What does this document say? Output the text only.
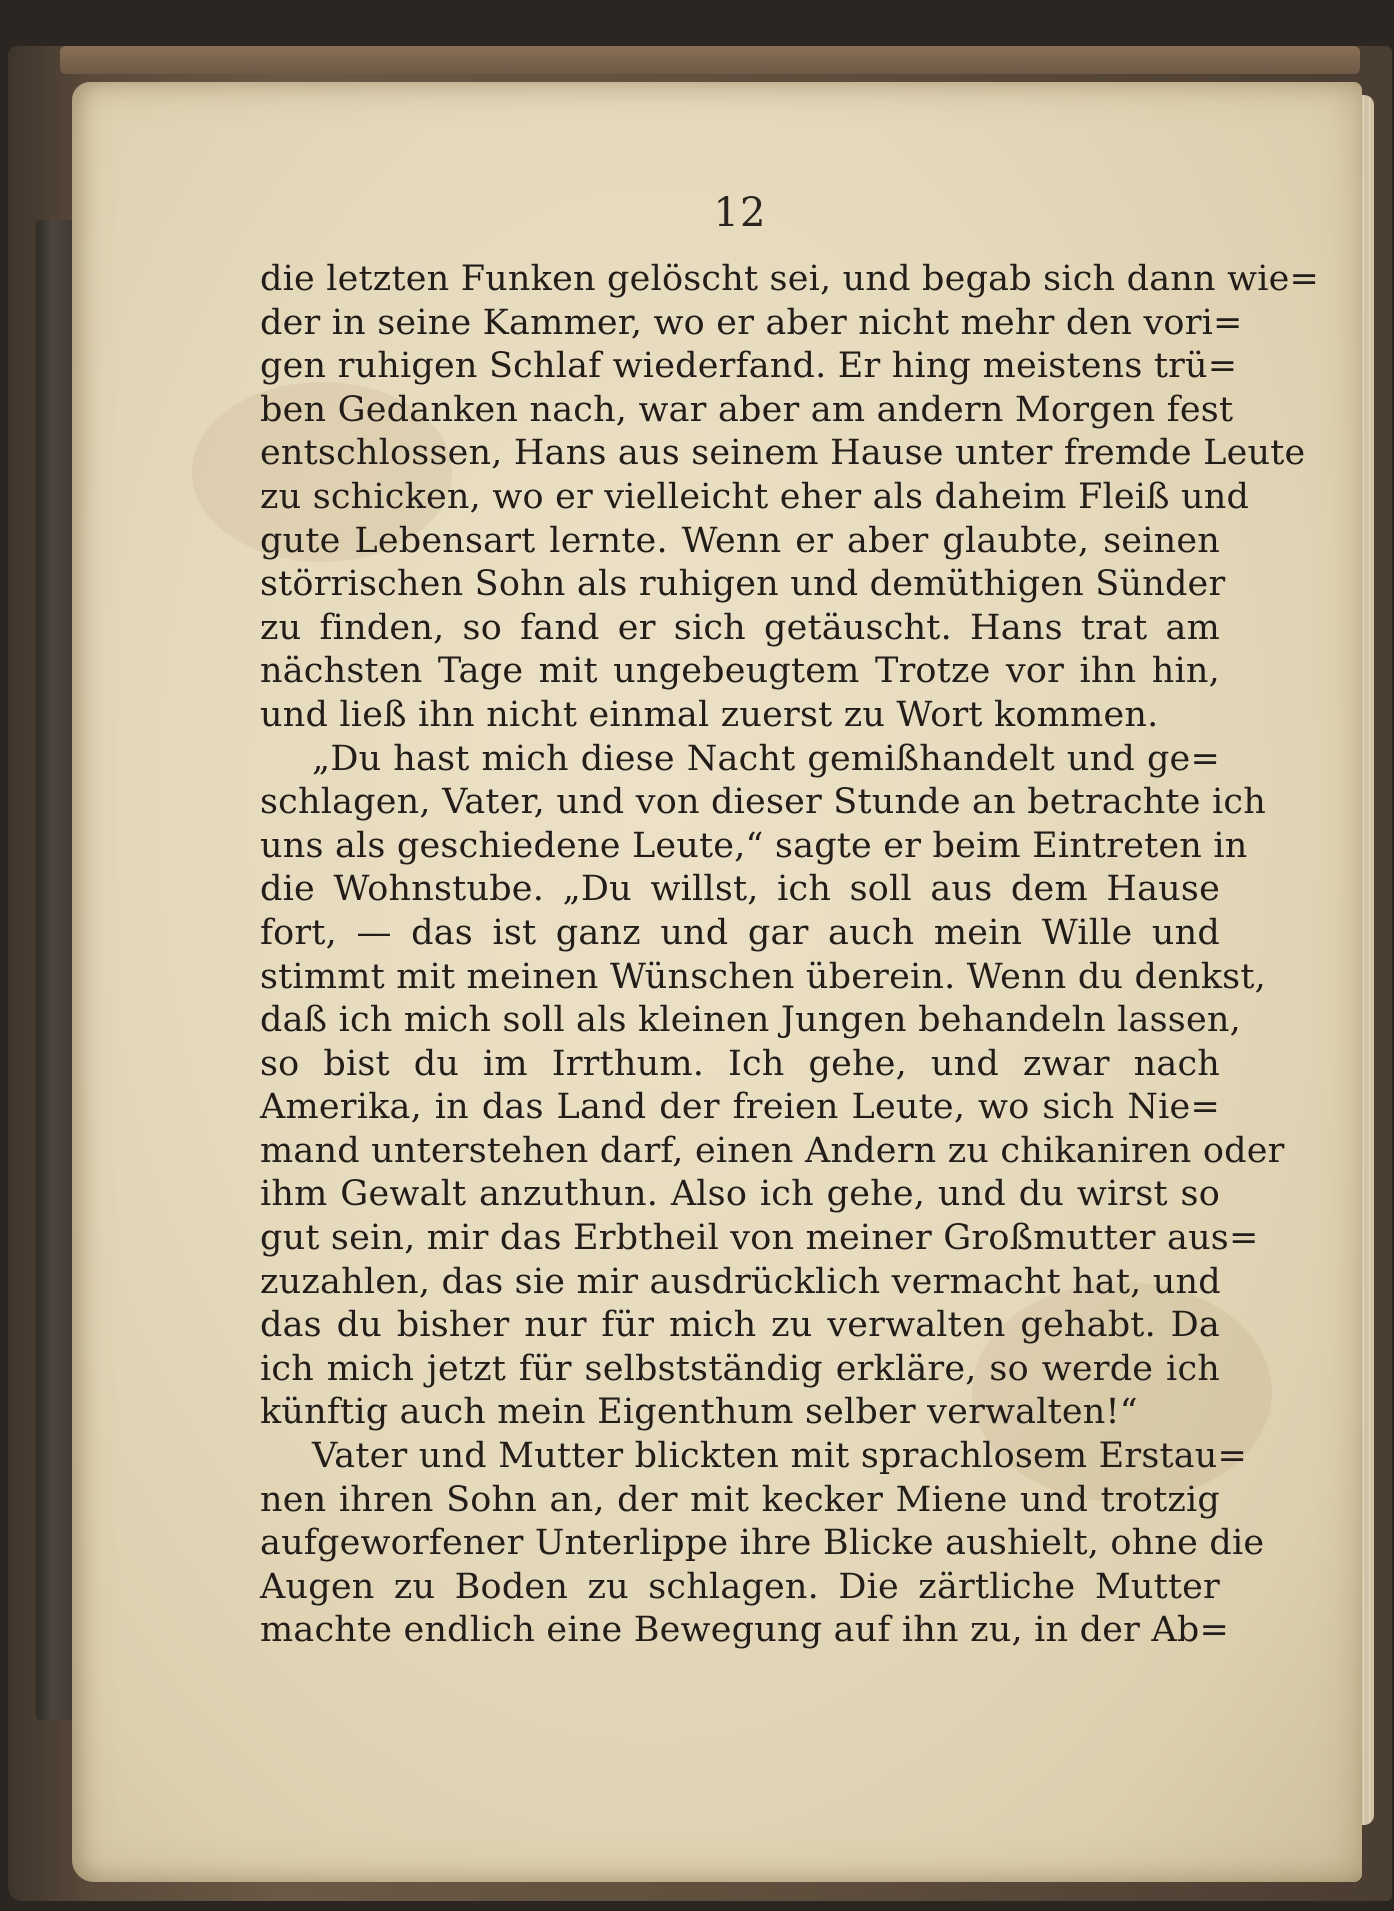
12
die letzten Funken gelöscht sei, und begab sich dann wie=
der in seine Kammer, wo er aber nicht mehr den vori=
gen ruhigen Schlaf wiederfand. Er hing meistens trü=
ben Gedanken nach, war aber am andern Morgen fest
entschlossen, Hans aus seinem Hause unter fremde Leute
zu schicken, wo er vielleicht eher als daheim Fleiß und
gute Lebensart lernte. Wenn er aber glaubte, seinen
störrischen Sohn als ruhigen und demüthigen Sünder
zu finden, so fand er sich getäuscht. Hans trat am
nächsten Tage mit ungebeugtem Trotze vor ihn hin,
und ließ ihn nicht einmal zuerst zu Wort kommen.
„Du hast mich diese Nacht gemißhandelt und ge=
schlagen, Vater, und von dieser Stunde an betrachte ich
uns als geschiedene Leute,“ sagte er beim Eintreten in
die Wohnstube. „Du willst, ich soll aus dem Hause
fort, — das ist ganz und gar auch mein Wille und
stimmt mit meinen Wünschen überein. Wenn du denkst,
daß ich mich soll als kleinen Jungen behandeln lassen,
so bist du im Irrthum. Ich gehe, und zwar nach
Amerika, in das Land der freien Leute, wo sich Nie=
mand unterstehen darf, einen Andern zu chikaniren oder
ihm Gewalt anzuthun. Also ich gehe, und du wirst so
gut sein, mir das Erbtheil von meiner Großmutter aus=
zuzahlen, das sie mir ausdrücklich vermacht hat, und
das du bisher nur für mich zu verwalten gehabt. Da
ich mich jetzt für selbstständig erkläre, so werde ich
künftig auch mein Eigenthum selber verwalten!“
Vater und Mutter blickten mit sprachlosem Erstau=
nen ihren Sohn an, der mit kecker Miene und trotzig
aufgeworfener Unterlippe ihre Blicke aushielt, ohne die
Augen zu Boden zu schlagen. Die zärtliche Mutter
machte endlich eine Bewegung auf ihn zu, in der Ab=
